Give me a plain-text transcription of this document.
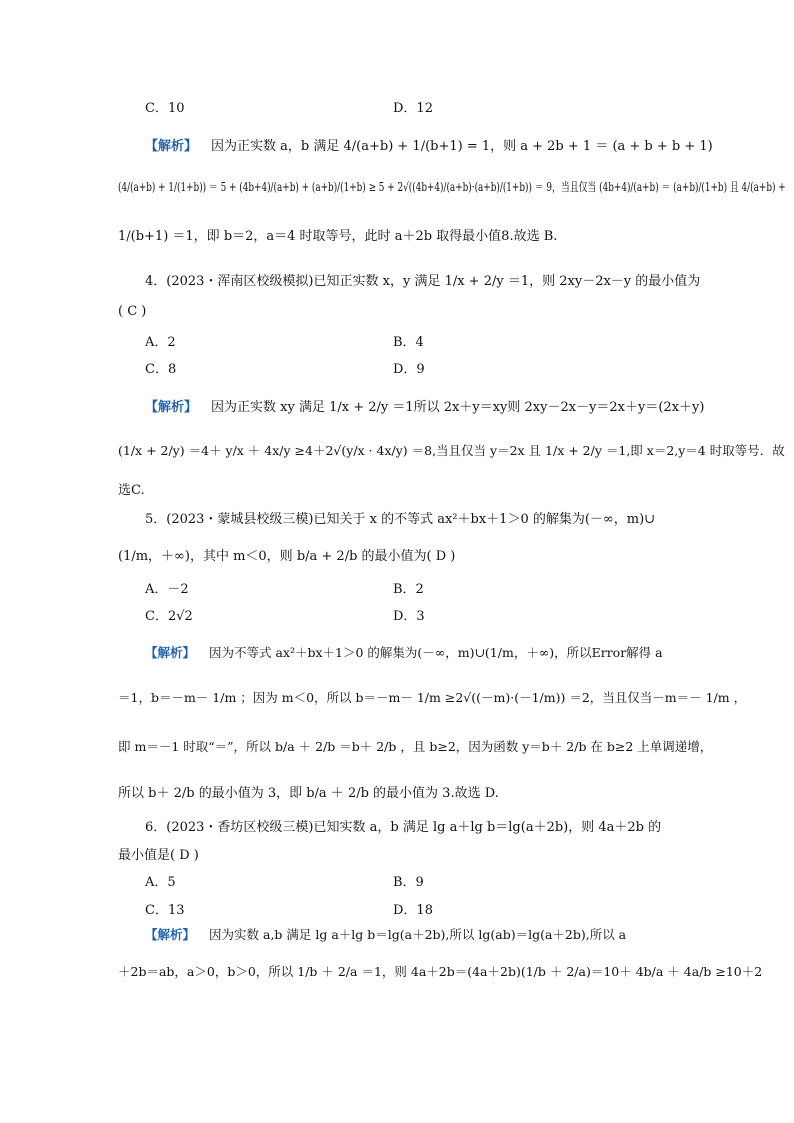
C．10	D．12
【解析】 因为正实数 a，b 满足 4/(a+b) + 1/(b+1) = 1，则 a + 2b + 1 ＝ (a + b + b + 1)
(4/(a+b) + 1/(1+b)) ＝ 5 + (4b+4)/(a+b) + (a+b)/(1+b) ≥ 5 + 2√((4b+4)/(a+b)·(a+b)/(1+b)) ＝ 9，当且仅当 (4b+4)/(a+b) ＝ (a+b)/(1+b) 且 4/(a+b) +
1/(b+1) ＝1，即 b＝2，a＝4 时取等号，此时 a＋2b 取得最小值8.故选 B.
4．(2023・浑南区校级模拟)已知正实数 x，y 满足 1/x + 2/y ＝1，则 2xy－2x－y 的最小值为
( C )
A．2	B．4
C．8	D．9
【解析】 因为正实数 xy 满足 1/x + 2/y ＝1所以 2x＋y＝xy则 2xy－2x－y＝2x＋y＝(2x＋y)
(1/x + 2/y) ＝4＋ y/x ＋ 4x/y ≥4＋2√(y/x · 4x/y) ＝8,当且仅当 y＝2x 且 1/x + 2/y ＝1,即 x＝2,y＝4 时取等号．故
选C.
5．(2023・蒙城县校级三模)已知关于 x 的不等式 ax²＋bx＋1＞0 的解集为(－∞，m)∪
(1/m，＋∞)，其中 m＜0，则 b/a + 2/b 的最小值为( D )
A．－2	B．2
C．2√2	D．3
【解析】 因为不等式 ax²＋bx＋1＞0 的解集为(－∞，m)∪(1/m，＋∞)，所以Error解得 a
＝1，b＝－m－ 1/m ；因为 m＜0，所以 b＝－m－ 1/m ≥2√((－m)·(－1/m)) ＝2，当且仅当－m＝－ 1/m ，
即 m＝－1 时取“＝”，所以 b/a ＋ 2/b ＝b＋ 2/b ，且 b≥2，因为函数 y＝b＋ 2/b 在 b≥2 上单调递增，
所以 b＋ 2/b 的最小值为 3，即 b/a ＋ 2/b 的最小值为 3.故选 D.
6．(2023・香坊区校级三模)已知实数 a，b 满足 lg a＋lg b＝lg(a＋2b)，则 4a＋2b 的
最小值是( D )
A．5	B．9
C．13	D．18
【解析】 因为实数 a,b 满足 lg a＋lg b＝lg(a＋2b),所以 lg(ab)＝lg(a＋2b),所以 a
＋2b＝ab，a＞0，b＞0，所以 1/b ＋ 2/a ＝1，则 4a＋2b＝(4a＋2b)(1/b ＋ 2/a)＝10＋ 4b/a ＋ 4a/b ≥10＋2
